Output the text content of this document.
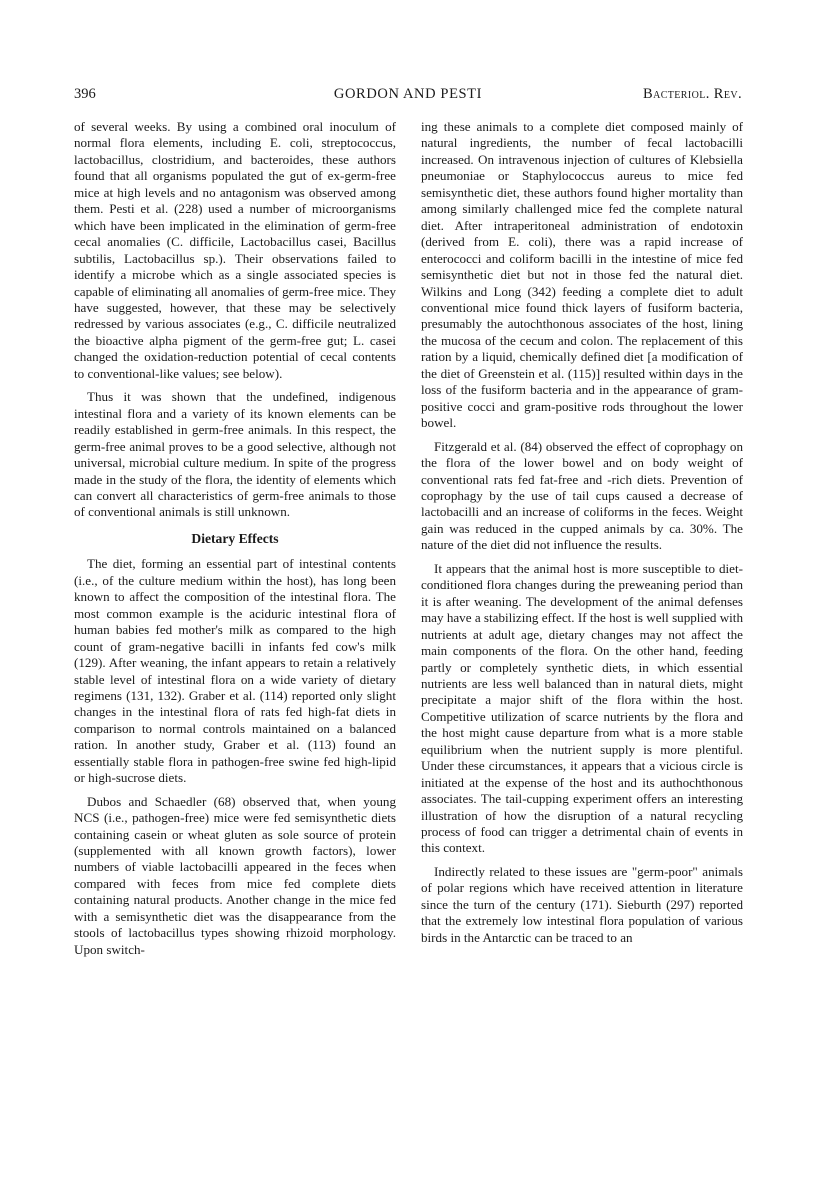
396	GORDON AND PESTI	Bacteriol. Rev.

of several weeks. By using a combined oral inoculum of normal flora elements, including E. coli, streptococcus, lactobacillus, clostridium, and bacteroides, these authors found that all organisms populated the gut of ex-germ-free mice at high levels and no antagonism was observed among them. Pesti et al. (228) used a number of microorganisms which have been implicated in the elimination of germ-free cecal anomalies (C. difficile, Lactobacillus casei, Bacillus subtilis, Lactobacillus sp.). Their observations failed to identify a microbe which as a single associated species is capable of eliminating all anomalies of germ-free mice. They have suggested, however, that these may be selectively redressed by various associates (e.g., C. difficile neutralized the bioactive alpha pigment of the germ-free gut; L. casei changed the oxidation-reduction potential of cecal contents to conventional-like values; see below).

Thus it was shown that the undefined, indigenous intestinal flora and a variety of its known elements can be readily established in germ-free animals. In this respect, the germ-free animal proves to be a good selective, although not universal, microbial culture medium. In spite of the progress made in the study of the flora, the identity of elements which can convert all characteristics of germ-free animals to those of conventional animals is still unknown.

Dietary Effects

The diet, forming an essential part of intestinal contents (i.e., of the culture medium within the host), has long been known to affect the composition of the intestinal flora. The most common example is the aciduric intestinal flora of human babies fed mother's milk as compared to the high count of gram-negative bacilli in infants fed cow's milk (129). After weaning, the infant appears to retain a relatively stable level of intestinal flora on a wide variety of dietary regimens (131, 132). Graber et al. (114) reported only slight changes in the intestinal flora of rats fed high-fat diets in comparison to normal controls maintained on a balanced ration. In another study, Graber et al. (113) found an essentially stable flora in pathogen-free swine fed high-lipid or high-sucrose diets.

Dubos and Schaedler (68) observed that, when young NCS (i.e., pathogen-free) mice were fed semisynthetic diets containing casein or wheat gluten as sole source of protein (supplemented with all known growth factors), lower numbers of viable lactobacilli appeared in the feces when compared with feces from mice fed complete diets containing natural products. Another change in the mice fed with a semisynthetic diet was the disappearance from the stools of lactobacillus types showing rhizoid morphology. Upon switch-

ing these animals to a complete diet composed mainly of natural ingredients, the number of fecal lactobacilli increased. On intravenous injection of cultures of Klebsiella pneumoniae or Staphylococcus aureus to mice fed semisynthetic diet, these authors found higher mortality than among similarly challenged mice fed the complete natural diet. After intraperitoneal administration of endotoxin (derived from E. coli), there was a rapid increase of enterococci and coliform bacilli in the intestine of mice fed semisynthetic diet but not in those fed the natural diet. Wilkins and Long (342) feeding a complete diet to adult conventional mice found thick layers of fusiform bacteria, presumably the autochthonous associates of the host, lining the mucosa of the cecum and colon. The replacement of this ration by a liquid, chemically defined diet [a modification of the diet of Greenstein et al. (115)] resulted within days in the loss of the fusiform bacteria and in the appearance of gram-positive cocci and gram-positive rods throughout the lower bowel.

Fitzgerald et al. (84) observed the effect of coprophagy on the flora of the lower bowel and on body weight of conventional rats fed fat-free and -rich diets. Prevention of coprophagy by the use of tail cups caused a decrease of lactobacilli and an increase of coliforms in the feces. Weight gain was reduced in the cupped animals by ca. 30%. The nature of the diet did not influence the results.

It appears that the animal host is more susceptible to diet-conditioned flora changes during the preweaning period than it is after weaning. The development of the animal defenses may have a stabilizing effect. If the host is well supplied with nutrients at adult age, dietary changes may not affect the main components of the flora. On the other hand, feeding partly or completely synthetic diets, in which essential nutrients are less well balanced than in natural diets, might precipitate a major shift of the flora within the host. Competitive utilization of scarce nutrients by the flora and the host might cause departure from what is a more stable equilibrium when the nutrient supply is more plentiful. Under these circumstances, it appears that a vicious circle is initiated at the expense of the host and its authochthonous associates. The tail-cupping experiment offers an interesting illustration of how the disruption of a natural recycling process of food can trigger a detrimental chain of events in this context.

Indirectly related to these issues are "germ-poor" animals of polar regions which have received attention in literature since the turn of the century (171). Sieburth (297) reported that the extremely low intestinal flora population of various birds in the Antarctic can be traced to an
